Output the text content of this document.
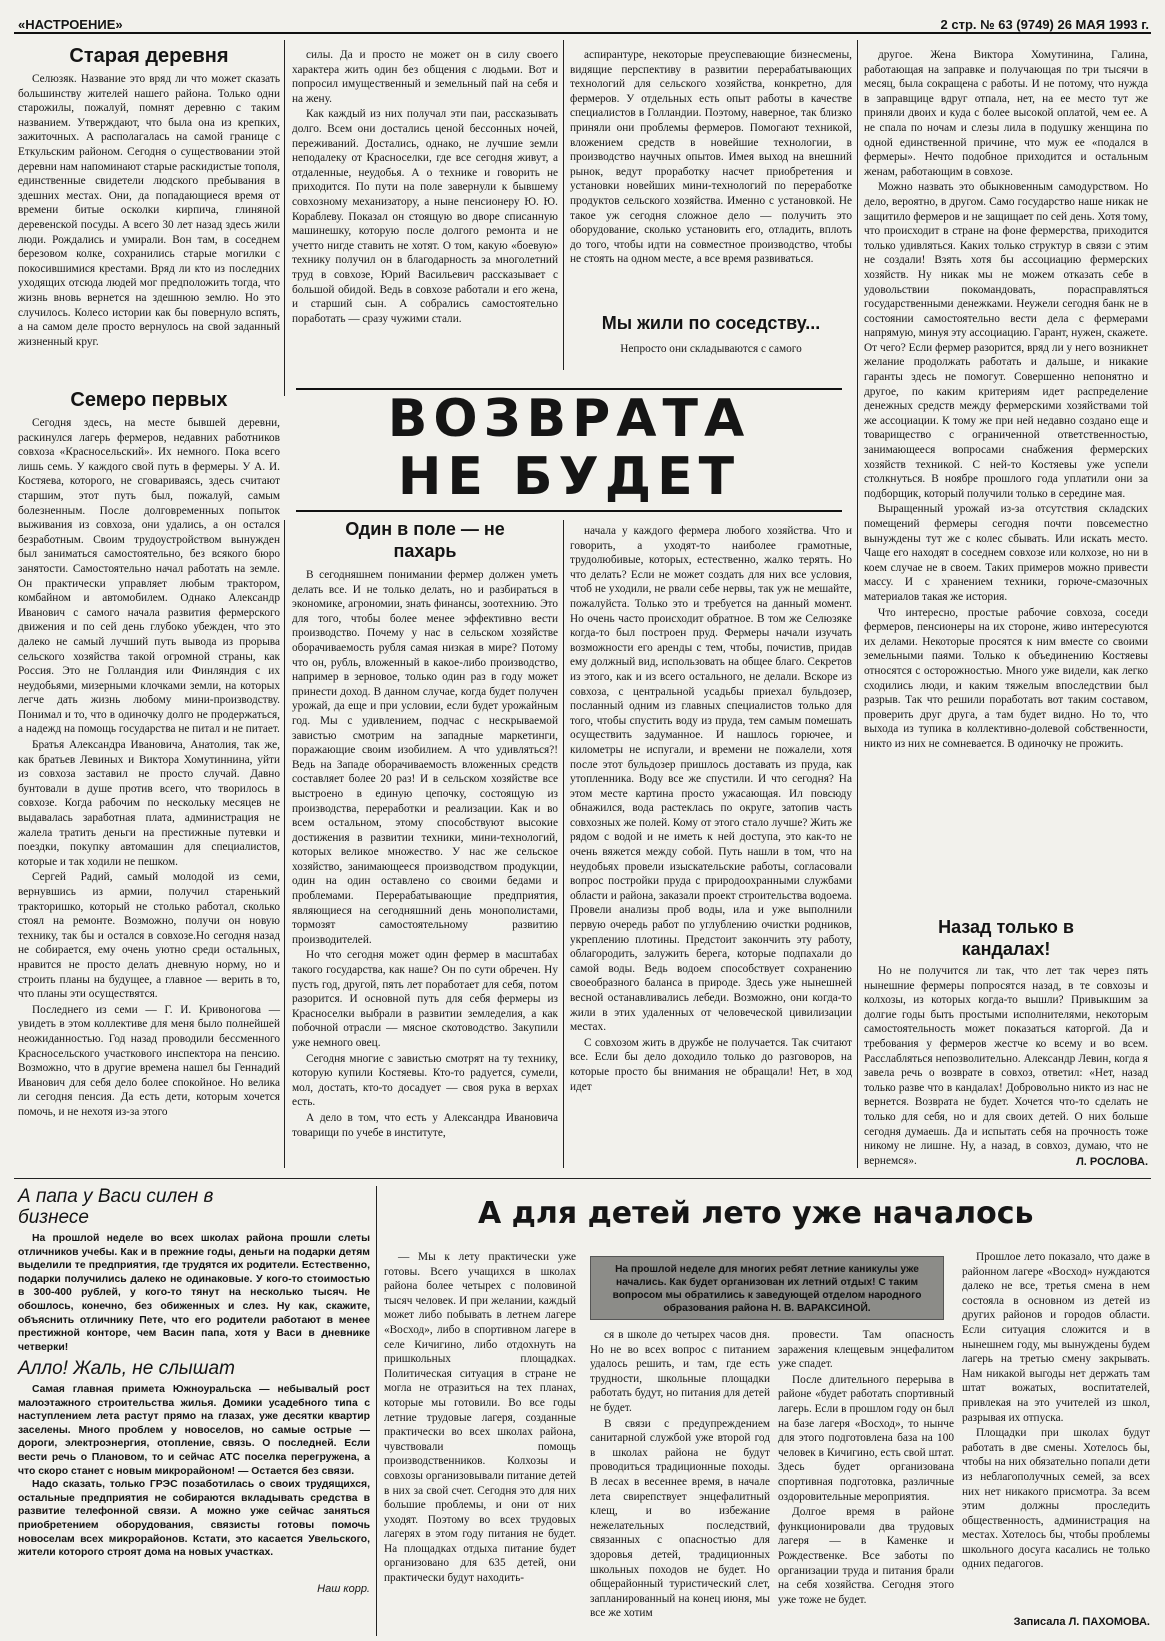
«НАСТРОЕНИЕ»	2 стр. № 63 (9749) 26 МАЯ 1993 г.
Старая деревня

Селюзяк. Название это вряд ли что может сказать большинству жителей нашего района. Только одни старожилы, пожалуй, помнят деревню с таким названием. Утверждают, что была она из крепких, зажиточных. А располагалась на самой границе с Еткульским районом. Сегодня о существовании этой деревни нам напоминают старые раскидистые тополя, единственные свидетели людского пребывания в здешних местах. Они, да попадающиеся время от времени битые осколки кирпича, глиняной деревенской посуды. А всего 30 лет назад здесь жили люди. Рождались и умирали. Вон там, в соседнем березовом колке, сохранились старые могилки с покосившимися крестами. Вряд ли кто из последних уходящих отсюда людей мог предположить тогда, что жизнь вновь вернется на здешнюю землю. Но это случилось. Колесо истории как бы повернуло вспять, а на самом деле просто вернулось на свой заданный жизненный круг.

Семеро первых

Сегодня здесь, на месте бывшей деревни, раскинулся лагерь фермеров, недавних работников совхоза «Красносельский». Их немного. Пока всего лишь семь. У каждого свой путь в фермеры. У А. И. Костяева, которого, не сговариваясь, здесь считают старшим, этот путь был, пожалуй, самым болезненным. После долговременных попыток выживания из совхоза, они удались, а он остался безработным. Своим трудоустройством вынужден был заниматься самостоятельно, без всякого бюро занятости. Самостоятельно начал работать на земле. Он практически управляет любым трактором, комбайном и автомобилем. Однако Александр Иванович с самого начала развития фермерского движения и по сей день глубоко убежден, что это далеко не самый лучший путь вывода из прорыва сельского хозяйства такой огромной страны, как Россия. Это не Голландия или Финляндия с их неудобьями, мизерными клочками земли, на которых легче дать жизнь любому мини-производству. Понимал и то, что в одиночку долго не продержаться, а надежд на помощь государства не питал и не питает.

Братья Александра Ивановича, Анатолия, так же, как братьев Левиных и Виктора Хомутиннина, уйти из совхоза заставил не просто случай. Давно бунтовали в душе против всего, что творилось в совхозе. Когда рабочим по нескольку месяцев не выдавалась заработная плата, администрация не жалела тратить деньги на престижные путевки и поездки, покупку автомашин для специалистов, которые и так ходили не пешком.

Сергей Радий, самый молодой из семи, вернувшись из армии, получил старенький тракторишко, который не столько работал, сколько стоял на ремонте. Возможно, получи он новую технику, так бы и остался в совхозе.Но сегодня назад не собирается, ему очень уютно среди остальных, нравится не просто делать дневную норму, но и строить планы на будущее, а главное — верить в то, что планы эти осуществятся.

Последнего из семи — Г. И. Кривоногова — увидеть в этом коллективе для меня было полнейшей неожиданностью. Год назад проводили бессменного Красносельского участкового инспектора на пенсию. Возможно, что в другие времена нашел бы Геннадий Иванович для себя дело более спокойное. Но велика ли сегодня пенсия. Да есть дети, которым хочется помочь, и не нехотя из-за этого

силы. Да и просто не может он в силу своего характера жить один без общения с людьми. Вот и попросил имущественный и земельный пай на себя и на жену.

Как каждый из них получал эти паи, рассказывать долго. Всем они достались ценой бессонных ночей, переживаний. Достались, однако, не лучшие земли неподалеку от Красноселки, где все сегодня живут, а отдаленные, неудобья. А о технике и говорить не приходится. По пути на поле завернули к бывшему совхозному механизатору, а ныне пенсионеру Ю. Ю. Кораблеву. Показал он стоящую во дворе списанную машинешку, которую после долгого ремонта и не учетто нигде ставить не хотят. О том, какую «боевую» технику получил он в благодарность за многолетний труд в совхозе, Юрий Васильевич рассказывает с большой обидой. Ведь в совхозе работали и его жена, и старший сын. А собрались самостоятельно поработать — сразу чужими стали.

аспирантуре, некоторые преуспевающие бизнесмены, видящие перспективу в развитии перерабатывающих технологий для сельского хозяйства, конкретно, для фермеров. У отдельных есть опыт работы в качестве специалистов в Голландии. Поэтому, наверное, так близко приняли они проблемы фермеров. Помогают техникой, вложением средств в новейшие технологии, в производство научных опытов. Имея выход на внешний рынок, ведут проработку насчет приобретения и установки новейших мини-технологий по переработке продуктов сельского хозяйства. Именно с установкой. Не такое уж сегодня сложное дело — получить это оборудование, сколько установить его, отладить, вплоть до того, чтобы идти на совместное производство, чтобы не стоять на одном месте, а все время развиваться.

Мы жили по соседству...
Непросто они складываются с самого
ВОЗВРАТА
НЕ БУДЕТ
Один в поле — не пахарь

В сегодняшнем понимании фермер должен уметь делать все. И не только делать, но и разбираться в экономике, агрономии, знать финансы, зоотехнию. Это для того, чтобы более менее эффективно вести производство. Почему у нас в сельском хозяйстве оборачиваемость рубля самая низкая в мире? Потому что он, рубль, вложенный в какое-либо производство, например в зерновое, только один раз в году может принести доход. В данном случае, когда будет получен урожай, да еще и при условии, если будет урожайным год. Мы с удивлением, подчас с нескрываемой завистью смотрим на западные маркетинги, поражающие своим изобилием. А что удивляться?! Ведь на Западе оборачиваемость вложенных средств составляет более 20 раз! И в сельском хозяйстве все выстроено в единую цепочку, состоящую из производства, переработки и реализации. Как и во всем остальном, этому способствуют высокие достижения в развитии техники, мини-технологий, которых великое множество. У нас же сельское хозяйство, занимающееся производством продукции, один на один оставлено со своими бедами и проблемами. Перерабатывающие предприятия, являющиеся на сегодняшний день монополистами, тормозят самостоятельному развитию производителей.

Но что сегодня может один фермер в масштабах такого государства, как наше? Он по сути обречен. Ну пусть год, другой, пять лет поработает для себя, потом разорится. И основной путь для себя фермеры из Красноселки выбрали в развитии земледелия, а как побочной отрасли — мясное скотоводство. Закупили уже немного овец.

Сегодня многие с завистью смотрят на ту технику, которую купили Костяевы. Кто-то радуется, сумели, мол, достать, кто-то досадует — своя рука в верхах есть.

А дело в том, что есть у Александра Ивановича товарищи по учебе в институте,

начала у каждого фермера любого хозяйства. Что и говорить, а уходят-то наиболее грамотные, трудолюбивые, которых, естественно, жалко терять. Но что делать? Если не может создать для них все условия, чтоб не уходили, не рвали себе нервы, так уж не мешайте, пожалуйста. Только это и требуется на данный момент. Но очень часто происходит обратное. В том же Селюзяке когда-то был построен пруд. Фермеры начали изучать возможности его аренды с тем, чтобы, почистив, придав ему должный вид, использовать на общее благо. Секретов из этого, как и из всего остального, не делали. Вскоре из совхоза, с центральной усадьбы приехал бульдозер, посланный одним из главных специалистов только для того, чтобы спустить воду из пруда, тем самым помешать осуществить задуманное. И нашлось горючее, и километры не испугали, и времени не пожалели, хотя после этот бульдозер пришлось доставать из пруда, как утопленника. Воду все же спустили. И что сегодня? На этом месте картина просто ужасающая. Ил повсюду обнажился, вода растеклась по округе, затопив часть совхозных же полей. Кому от этого стало лучше? Жить же рядом с водой и не иметь к ней доступа, это как-то не очень вяжется между собой. Путь нашли в том, что на неудобьях провели изыскательские работы, согласовали вопрос постройки пруда с природоохранными службами области и района, заказали проект строительства водоема. Провели анализы проб воды, ила и уже выполнили первую очередь работ по углублению очистки родников, укреплению плотины. Предстоит закончить эту работу, облагородить, залужить берега, которые подпахали до самой воды. Ведь водоем способствует сохранению своеобразного баланса в природе. Здесь уже нынешней весной останавливались лебеди. Возможно, они когда-то жили в этих удаленных от человеческой цивилизации местах.

С совхозом жить в дружбе не получается. Так считают все. Если бы дело доходило только до разговоров, на которые просто бы внимания не обращали! Нет, в ход идет

другое. Жена Виктора Хомутинина, Галина, работающая на заправке и получающая по три тысячи в месяц, была сокращена с работы. И не потому, что нужда в заправщице вдруг отпала, нет, на ее место тут же приняли двоих и куда с более высокой оплатой, чем ее. А не спала по ночам и слезы лила в подушку женщина по одной единственной причине, что муж ее «подался в фермеры». Нечто подобное приходится и остальным женам, работающим в совхозе.

Можно назвать это обыкновенным самодурством. Но дело, вероятно, в другом. Само государство наше никак не защитило фермеров и не защищает по сей день. Хотя тому, что происходит в стране на фоне фермерства, приходится только удивляться. Каких только структур в связи с этим не создали! Взять хотя бы ассоциацию фермерских хозяйств. Ну никак мы не можем отказать себе в удовольствии покомандовать, порасправляться государственными денежками. Неужели сегодня банк не в состоянии самостоятельно вести дела с фермерами напрямую, минуя эту ассоциацию. Гарант, нужен, скажете. От чего? Если фермер разорится, вряд ли у него возникнет желание продолжать работать и дальше, и никакие гаранты здесь не помогут. Совершенно непонятно и другое, по каким критериям идет распределение денежных средств между фермерскими хозяйствами той же ассоциации. К тому же при ней недавно создано еще и товарищество с ограниченной ответственностью, занимающееся вопросами снабжения фермерских хозяйств техникой. С ней-то Костяевы уже успели столкнуться. В ноябре прошлого года уплатили они за подборщик, который получили только в середине мая.

Выращенный урожай из-за отсутствия складских помещений фермеры сегодня почти повсеместно вынуждены тут же с колес сбывать. Или искать место. Чаще его находят в соседнем совхозе или колхозе, но ни в коем случае не в своем. Таких примеров можно привести массу. И с хранением техники, горюче-смазочных материалов такая же история.

Что интересно, простые рабочие совхоза, соседи фермеров, пенсионеры на их стороне, живо интересуются их делами. Некоторые просятся к ним вместе со своими земельными паями. Только к объединению Костяевы относятся с осторожностью. Много уже видели, как легко сходились люди, и каким тяжелым впоследствии был разрыв. Так что решили поработать вот таким составом, проверить друг друга, а там будет видно. Но то, что выхода из тупика в коллективно-долевой собственности, никто из них не сомневается. В одиночку не прожить.

Назад только в кандалах!

Но не получится ли так, что лет так через пять нынешние фермеры попросятся назад, в те совхозы и колхозы, из которых когда-то вышли? Привыкшим за долгие годы быть простыми исполнителями, некоторым самостоятельность может показаться каторгой. Да и требования у фермеров жестче ко всему и во всем. Расслабляться непозволительно. Александр Левин, когда я завела речь о возврате в совхоз, ответил: «Нет, назад только разве что в кандалах! Добровольно никто из нас не вернется. Возврата не будет. Хочется что-то сделать не только для себя, но и для своих детей. О них больше сегодня думаешь. Да и испытать себя на прочность тоже никому не лишне. Ну, а назад, в совхоз, думаю, что не вернемся».	Л. РОСЛОВА.
А папа у Васи силен в бизнесе

На прошлой неделе во всех школах района прошли слеты отличников учебы. Как и в прежние годы, деньги на подарки детям выделили те предприятия, где трудятся их родители. Естественно, подарки получились далеко не одинаковые. У кого-то стоимостью в 300-400 рублей, у кого-то тянут на несколько тысяч. Не обошлось, конечно, без обиженных и слез. Ну как, скажите, объяснить отличнику Пете, что его родители работают в менее престижной конторе, чем Васин папа, хотя у Васи в дневнике четверки!

Алло! Жаль, не слышат

Самая главная примета Южноуральска — небывалый рост малоэтажного строительства жилья. Домики усадебного типа с наступлением лета растут прямо на глазах, уже десятки квартир заселены. Много проблем у новоселов, но самые острые — дороги, электроэнергия, отопление, связь. О последней. Если вести речь о Плановом, то и сейчас АТС поселка перегружена, а что скоро станет с новым микрорайоном! — Остается без связи.

Надо сказать, только ГРЭС позаботилась о своих трудящихся, остальные предприятия не собираются вкладывать средства в развитие телефонной связи. А можно уже сейчас заняться приобретением оборудования, связисты готовы помочь новоселам всех микрорайонов. Кстати, это касается Увельского, жители которого строят дома на новых участках.

Наш корр.
А для детей лето уже началось

— Мы к лету практически уже готовы. Всего учащихся в школах района более четырех с половиной тысяч человек. И при желании, каждый может либо побывать в летнем лагере «Восход», либо в спортивном лагере в селе Кичигино, либо отдохнуть на пришкольных площадках. Политическая ситуация в стране не могла не отразиться на тех планах, которые мы готовили. Во все годы летние трудовые лагеря, созданные практически во всех школах района, чувствовали помощь производственников. Колхозы и совхозы организовывали питание детей в них за свой счет. Сегодня это для них большие проблемы, и они от них уходят. Поэтому во всех трудовых лагерях в этом году питания не будет. На площадках отдыха питание будет организовано для 635 детей, они практически будут находить-

На прошлой неделе для многих ребят летние каникулы уже начались. Как будет организован их летний отдых! С таким вопросом мы обратились к заведующей отделом народного образования района Н. В. ВАРАКСИНОЙ.

ся в школе до четырех часов дня. Но не во всех вопрос с питанием удалось решить, и там, где есть трудности, школьные площадки работать будут, но питания для детей не будет.

В связи с предупреждением санитарной службой уже второй год в школах района не будут проводиться традиционные походы. В лесах в весеннее время, в начале лета свирепствует энцефалитный клещ, и во избежание нежелательных последствий, связанных с опасностью для здоровья детей, традиционных школьных походов не будет. Но общерайонный туристический слет, запланированный на конец июня, мы все же хотим

провести. Там опасность заражения клещевым энцефалитом уже спадет.

После длительного перерыва в районе «будет работать спортивный лагерь. Если в прошлом году он был на базе лагеря «Восход», то нынче для этого подготовлена база на 100 человек в Кичигино, есть свой штат. Здесь будет организована спортивная подготовка, различные оздоровительные мероприятия.

Долгое время в районе функционировали два трудовых лагеря — в Каменке и Рождественке. Все заботы по организации труда и питания брали на себя хозяйства. Сегодня этого уже тоже не будет.

Прошлое лето показало, что даже в районном лагере «Восход» нуждаются далеко не все, третья смена в нем состояла в основном из детей из других районов и городов области. Если ситуация сложится и в нынешнем году, мы вынуждены будем лагерь на третью смену закрывать. Нам никакой выгоды нет держать там штат вожатых, воспитателей, привлекая на это учителей из школ, разрывая их отпуска.

Площадки при школах будут работать в две смены. Хотелось бы, чтобы на них обязательно попали дети из неблагополучных семей, за всех них нет никакого присмотра. За всем этим должны проследить общественность, администрация на местах. Хотелось бы, чтобы проблемы школьного досуга касались не только одних педагогов.

Записала Л. ПАХОМОВА.
